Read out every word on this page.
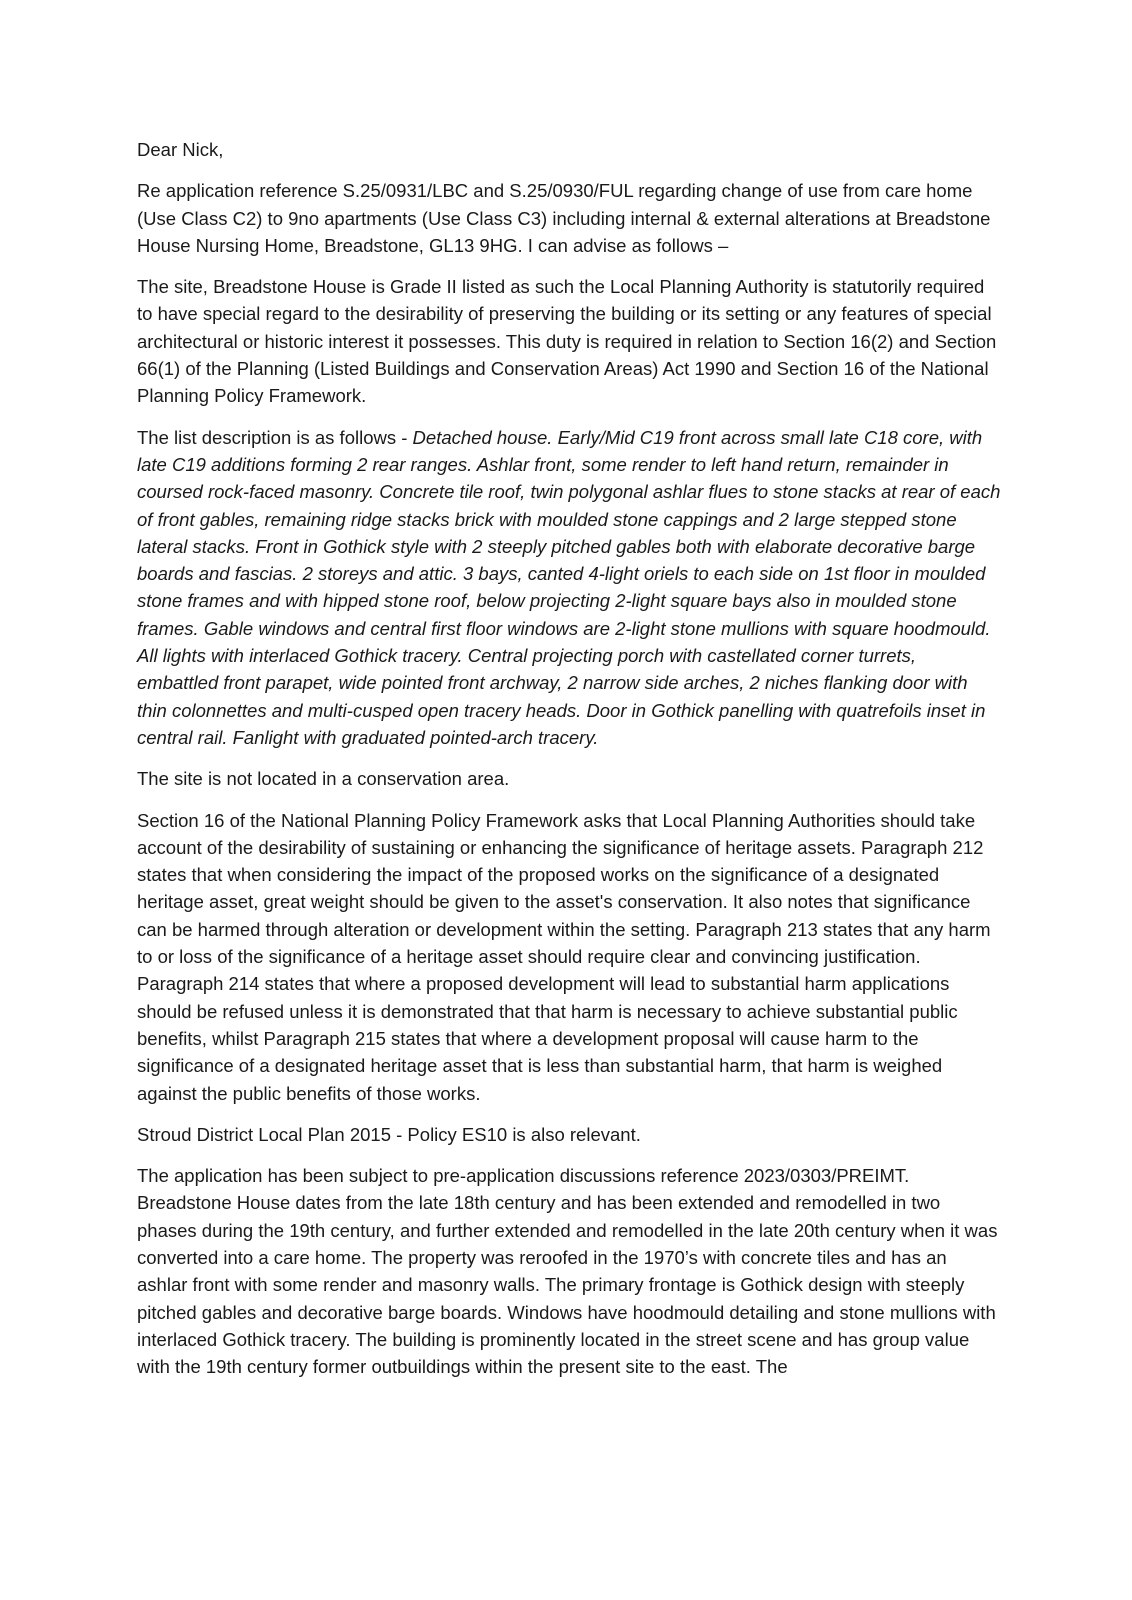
Dear Nick,

Re application reference S.25/0931/LBC and S.25/0930/FUL regarding change of use from care home (Use Class C2) to 9no apartments (Use Class C3) including internal & external alterations at Breadstone House Nursing Home, Breadstone, GL13 9HG. I can advise as follows –

The site, Breadstone House is Grade II listed as such the Local Planning Authority is statutorily required to have special regard to the desirability of preserving the building or its setting or any features of special architectural or historic interest it possesses. This duty is required in relation to Section 16(2) and Section 66(1) of the Planning (Listed Buildings and Conservation Areas) Act 1990 and Section 16 of the National Planning Policy Framework.

The list description is as follows - Detached house. Early/Mid C19 front across small late C18 core, with late C19 additions forming 2 rear ranges. Ashlar front, some render to left hand return, remainder in coursed rock-faced masonry. Concrete tile roof, twin polygonal ashlar flues to stone stacks at rear of each of front gables, remaining ridge stacks brick with moulded stone cappings and 2 large stepped stone lateral stacks. Front in Gothick style with 2 steeply pitched gables both with elaborate decorative barge boards and fascias. 2 storeys and attic. 3 bays, canted 4-light oriels to each side on 1st floor in moulded stone frames and with hipped stone roof, below projecting 2-light square bays also in moulded stone frames. Gable windows and central first floor windows are 2-light stone mullions with square hoodmould. All lights with interlaced Gothick tracery. Central projecting porch with castellated corner turrets, embattled front parapet, wide pointed front archway, 2 narrow side arches, 2 niches flanking door with thin colonnettes and multi-cusped open tracery heads. Door in Gothick panelling with quatrefoils inset in central rail. Fanlight with graduated pointed-arch tracery.

The site is not located in a conservation area.

Section 16 of the National Planning Policy Framework asks that Local Planning Authorities should take account of the desirability of sustaining or enhancing the significance of heritage assets. Paragraph 212 states that when considering the impact of the proposed works on the significance of a designated heritage asset, great weight should be given to the asset's conservation. It also notes that significance can be harmed through alteration or development within the setting. Paragraph 213 states that any harm to or loss of the significance of a heritage asset should require clear and convincing justification. Paragraph 214 states that where a proposed development will lead to substantial harm applications should be refused unless it is demonstrated that that harm is necessary to achieve substantial public benefits, whilst Paragraph 215 states that where a development proposal will cause harm to the significance of a designated heritage asset that is less than substantial harm, that harm is weighed against the public benefits of those works.

Stroud District Local Plan 2015 - Policy ES10 is also relevant.

The application has been subject to pre-application discussions reference 2023/0303/PREIMT. Breadstone House dates from the late 18th century and has been extended and remodelled in two phases during the 19th century, and further extended and remodelled in the late 20th century when it was converted into a care home. The property was reroofed in the 1970’s with concrete tiles and has an ashlar front with some render and masonry walls. The primary frontage is Gothick design with steeply pitched gables and decorative barge boards. Windows have hoodmould detailing and stone mullions with interlaced Gothick tracery. The building is prominently located in the street scene and has group value with the 19th century former outbuildings within the present site to the east. The
